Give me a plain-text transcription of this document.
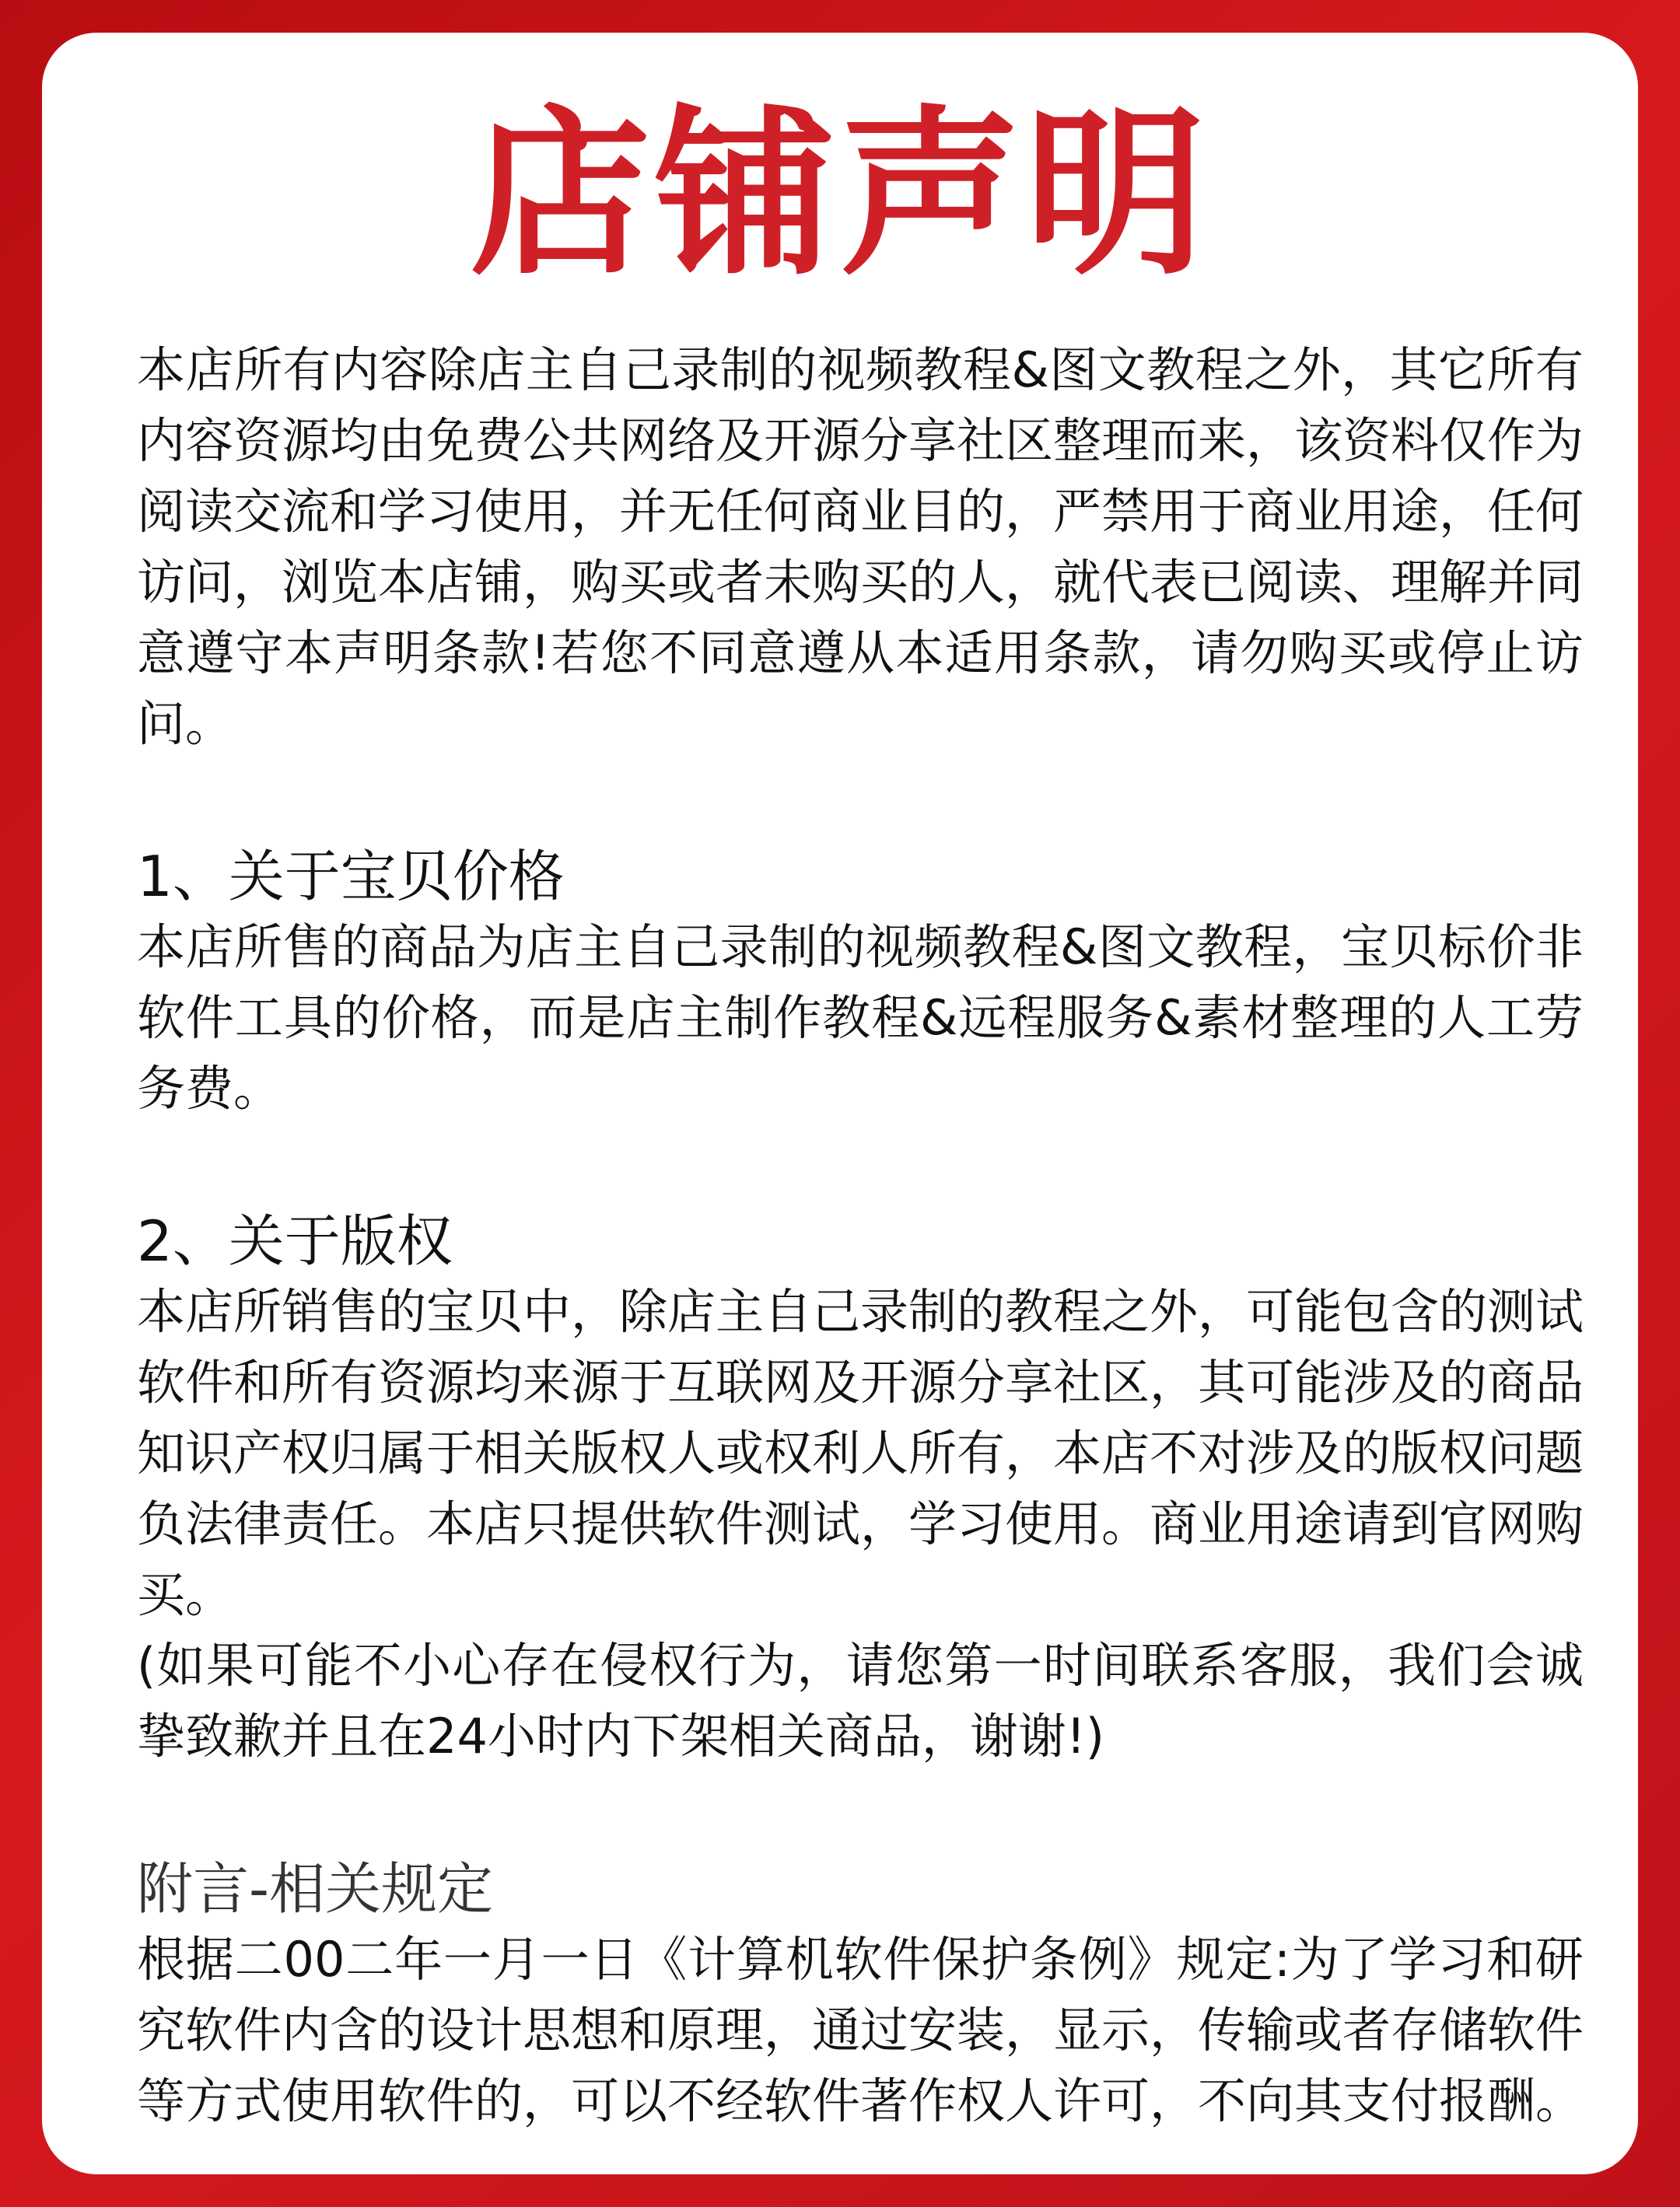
店铺声明

本店所有内容除店主自己录制的视频教程&图文教程之外，其它所有内容资源均由免费公共网络及开源分享社区整理而来，该资料仅作为阅读交流和学习使用，并无任何商业目的，严禁用于商业用途，任何访问，浏览本店铺，购买或者未购买的人，就代表已阅读、理解并同意遵守本声明条款!若您不同意遵从本适用条款，请勿购买或停止访问。

1、关于宝贝价格

本店所售的商品为店主自己录制的视频教程&图文教程，宝贝标价非软件工具的价格，而是店主制作教程&远程服务&素材整理的人工劳务费。

2、关于版权

本店所销售的宝贝中，除店主自己录制的教程之外，可能包含的测试软件和所有资源均来源于互联网及开源分享社区，其可能涉及的商品知识产权归属于相关版权人或权利人所有，本店不对涉及的版权问题负法律责任。本店只提供软件测试，学习使用。商业用途请到官网购买。

(如果可能不小心存在侵权行为，请您第一时间联系客服，我们会诚挚致歉并且在24小时内下架相关商品，谢谢!)

附言-相关规定

根据二00二年一月一日《计算机软件保护条例》规定:为了学习和研究软件内含的设计思想和原理，通过安装，显示，传输或者存储软件等方式使用软件的，可以不经软件著作权人许可，不向其支付报酬。
